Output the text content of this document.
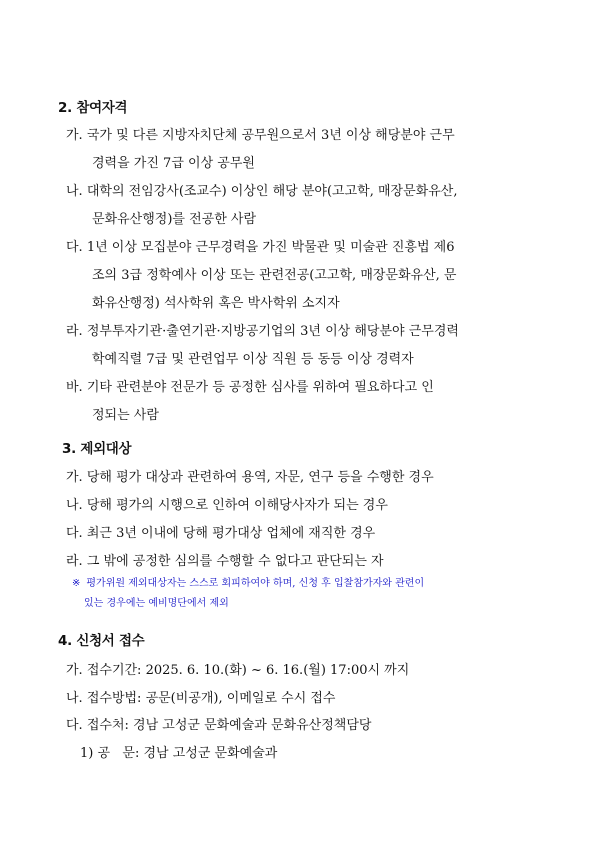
2. 참여자격
가. 국가 및 다른 지방자치단체 공무원으로서 3년 이상 해당분야 근무
경력을 가진 7급 이상 공무원
나. 대학의 전임강사(조교수) 이상인 해당 분야(고고학, 매장문화유산,
문화유산행정)를 전공한 사람
다. 1년 이상 모집분야 근무경력을 가진 박물관 및 미술관 진흥법 제6
조의 3급 정학예사 이상 또는 관련전공(고고학, 매장문화유산, 문
화유산행정) 석사학위 혹은 박사학위 소지자
라. 정부투자기관·출연기관·지방공기업의 3년 이상 해당분야 근무경력
학예직렬 7급 및 관련업무 이상 직원 등 동등 이상 경력자
바. 기타 관련분야 전문가 등 공정한 심사를 위하여 필요하다고 인
정되는 사람
3. 제외대상
가. 당해 평가 대상과 관련하여 용역, 자문, 연구 등을 수행한 경우
나. 당해 평가의 시행으로 인하여 이해당사자가 되는 경우
다. 최근 3년 이내에 당해 평가대상 업체에 재직한 경우
라. 그 밖에 공정한 심의를 수행할 수 없다고 판단되는 자
※ 평가위원 제외대상자는 스스로 회피하여야 하며, 신청 후 입찰참가자와 관련이
있는 경우에는 예비명단에서 제외
4. 신청서 접수
가. 접수기간: 2025. 6. 10.(화) ~ 6. 16.(월) 17:00시 까지
나. 접수방법: 공문(비공개), 이메일로 수시 접수
다. 접수처: 경남 고성군 문화예술과 문화유산정책담당
1) 공   문: 경남 고성군 문화예술과
